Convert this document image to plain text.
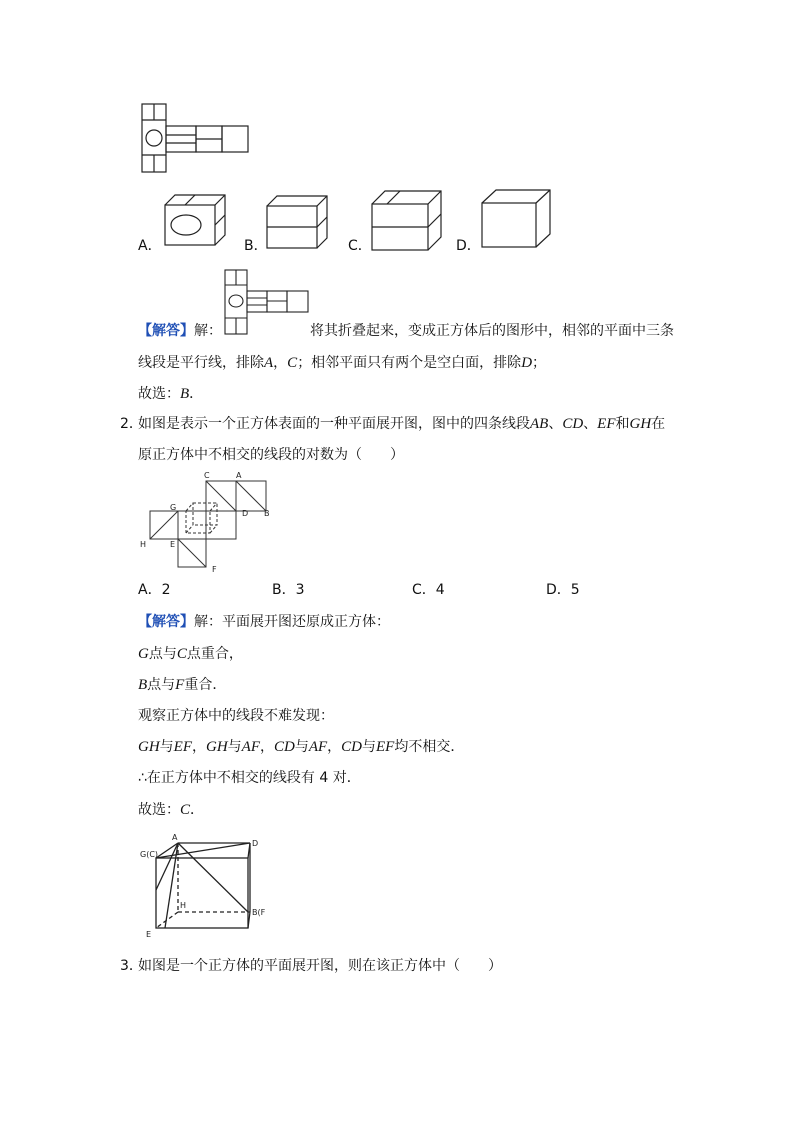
A．	B．	C．	D．
【解答】解：	将其折叠起来，变成正方体后的图形中，相邻的平面中三条
线段是平行线，排除A，C；相邻平面只有两个是空白面，排除D；
故选：B．
2．
如图是表示一个正方体表面的一种平面展开图，图中的四条线段AB、CD、EF和GH在
原正方体中不相交的线段的对数为（　　）
C	A
G
D B
H	E
F
A．2	B．3	C．4	D．5
【解答】解：平面展开图还原成正方体：
G点与C点重合，
B点与F重合．
观察正方体中的线段不难发现：
GH与EF，GH与AF，CD与AF，CD与EF均不相交．
∴在正方体中不相交的线段有 4 对．
故选：C．
A
D
G(C)
H
B(F
E
3．
如图是一个正方体的平面展开图，则在该正方体中（　　）
